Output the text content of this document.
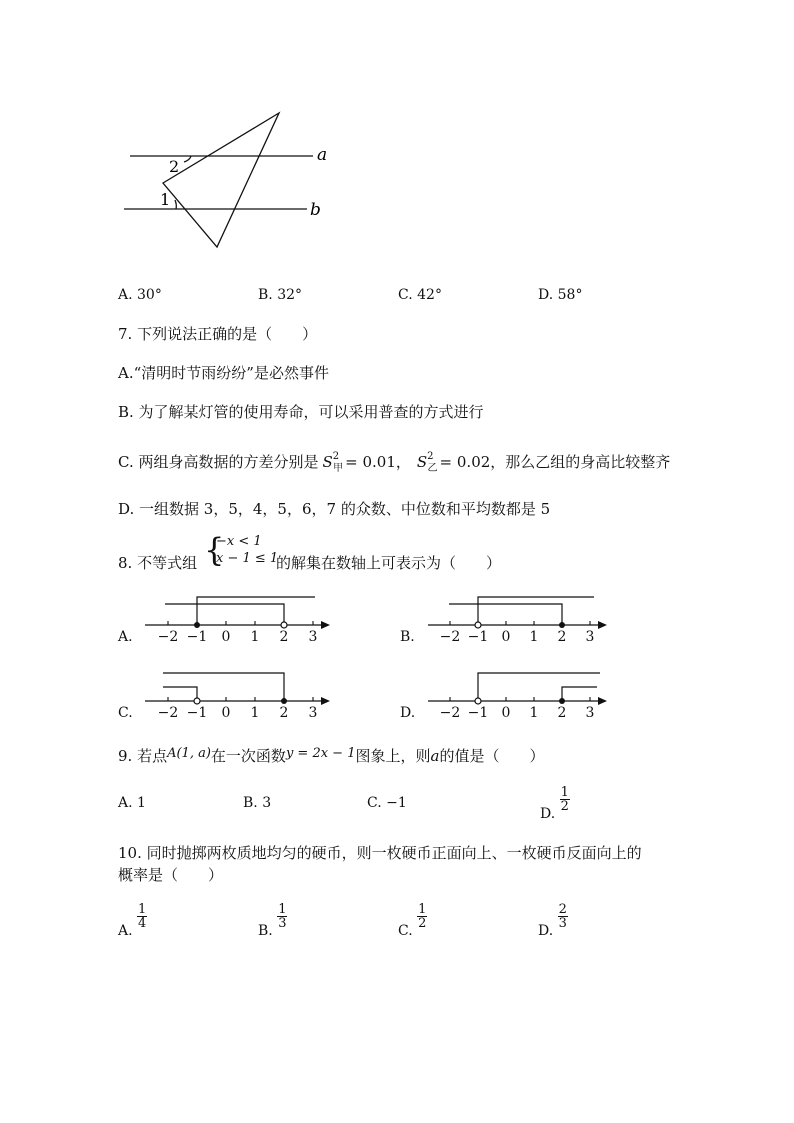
a
b
2
1
A. 30°	B. 32°	C. 42°	D. 58°
7. 下列说法正确的是（　　）
A.“清明时节雨纷纷”是必然事件
B. 为了解某灯管的使用寿命，可以采用普查的方式进行
C. 两组身高数据的方差分别是 $S^2_甲 = 0.01$， $S^2_乙 = 0.02$，那么乙组的身高比较整齐
D. 一组数据 3，5，4，5，6，7 的众数、中位数和平均数都是 5
8. 不等式组 {
−x < 1
x − 1 ≤ 1
的解集在数轴上可表示为（　　）
A.	B.
C.	D.
−2 −1 0 1 2 3	−2 −1 0 1 2 3
−2 −1 0 1 2 3	−2 −1 0 1 2 3
9. 若点A(1, a)在一次函数y = 2x − 1图象上，则a的值是（　　）
A. 1	B. 3	C. −1
D.
$\frac{1}{2}$
10. 同时抛掷两枚质地均匀的硬币，则一枚硬币正面向上、一枚硬币反面向上的
概率是（　　）
A.
$\frac{1}{4}$
B.
$\frac{1}{3}$
C.
$\frac{1}{2}$
D.
$\frac{2}{3}$
